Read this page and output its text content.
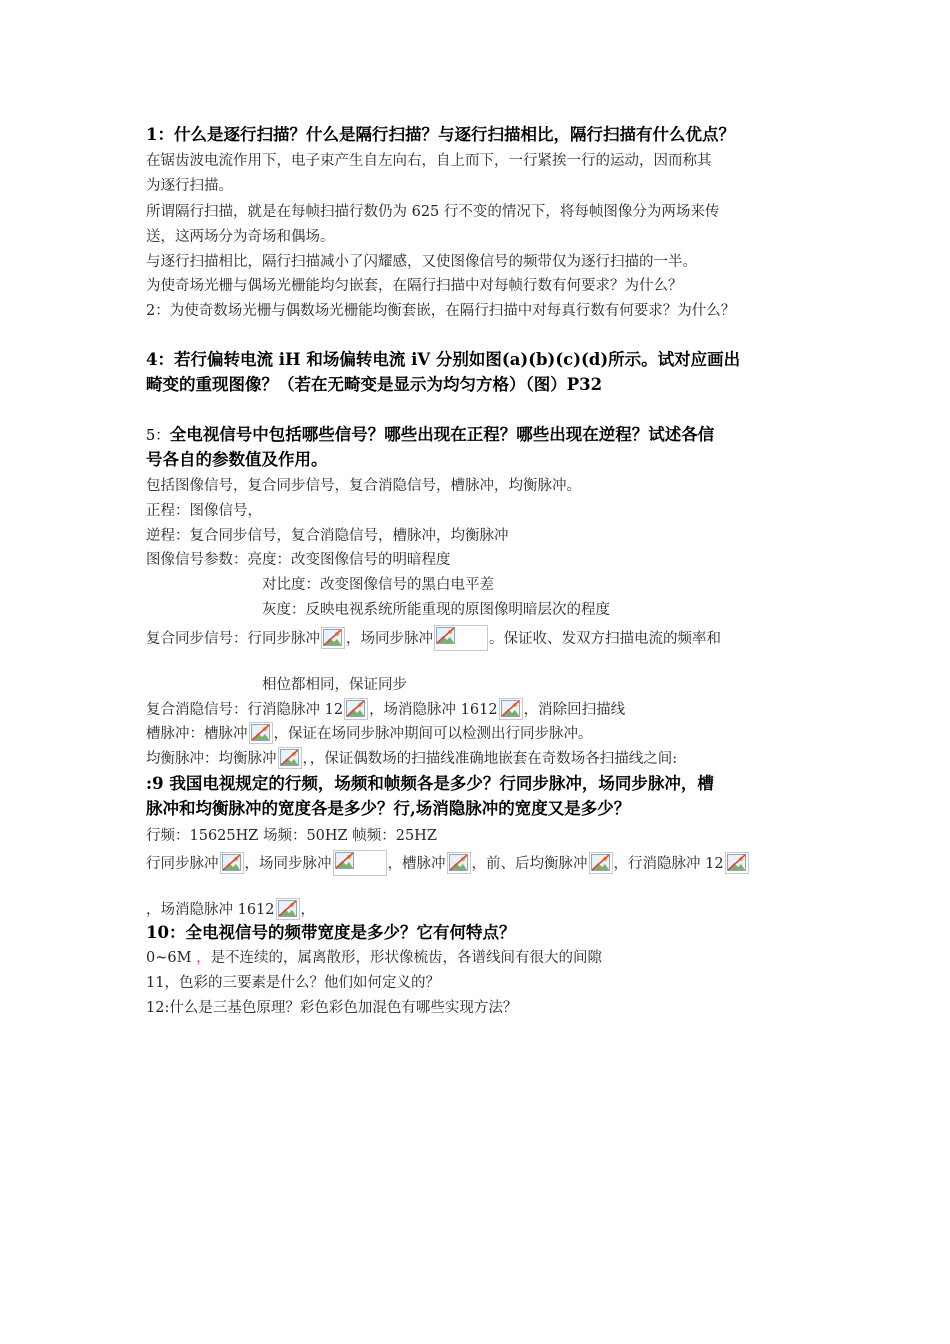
1：什么是逐行扫描？什么是隔行扫描？与逐行扫描相比，隔行扫描有什么优点？
在锯齿波电流作用下，电子束产生自左向右，自上而下，一行紧挨一行的运动，因而称其
为逐行扫描。
所谓隔行扫描，就是在每帧扫描行数仍为 625 行不变的情况下，将每帧图像分为两场来传
送，这两场分为奇场和偶场。
与逐行扫描相比，隔行扫描减小了闪耀感，又使图像信号的频带仅为逐行扫描的一半。
为使奇场光栅与偶场光栅能均匀嵌套，在隔行扫描中对每帧行数有何要求？为什么？
2：为使奇数场光栅与偶数场光栅能均衡套嵌，在隔行扫描中对每真行数有何要求？为什么？
4：若行偏转电流 iH 和场偏转电流 iV 分别如图(a)(b)(c)(d)所示。试对应画出
畸变的重现图像？（若在无畸变是显示为均匀方格）（图）P32
5：全电视信号中包括哪些信号？哪些出现在正程？哪些出现在逆程？试述各信
号各自的参数值及作用。
包括图像信号，复合同步信号，复合消隐信号，槽脉冲，均衡脉冲。
正程：图像信号，
逆程：复合同步信号，复合消隐信号，槽脉冲，均衡脉冲
图像信号参数：亮度：改变图像信号的明暗程度
对比度：改变图像信号的黑白电平差
灰度：反映电视系统所能重现的原图像明暗层次的程度
复合同步信号：行同步脉冲 ，场同步脉冲	。保证收、发双方扫描电流的频率和
相位都相同，保证同步
复合消隐信号：行消隐脉冲 12 ，场消隐脉冲 1612 ，消除回扫描线
槽脉冲：槽脉冲 ，保证在场同步脉冲期间可以检测出行同步脉冲。
均衡脉冲：均衡脉冲 ，，保证偶数场的扫描线准确地嵌套在奇数场各扫描线之间:
:9 我国电视规定的行频，场频和帧频各是多少？行同步脉冲，场同步脉冲，槽
脉冲和均衡脉冲的宽度各是多少？行,场消隐脉冲的宽度又是多少？
行频：15625HZ 场频：50HZ 帧频：25HZ
行同步脉冲 ，场同步脉冲	，槽脉冲 ，前、后均衡脉冲 ，行消隐脉冲 12
，场消隐脉冲 1612 ，
10：全电视信号的频带宽度是多少？它有何特点？
0~6M ，是不连续的，属离散形，形状像梳齿，各谱线间有很大的间隙
11，色彩的三要素是什么？他们如何定义的？
12:什么是三基色原理？彩色彩色加混色有哪些实现方法？
